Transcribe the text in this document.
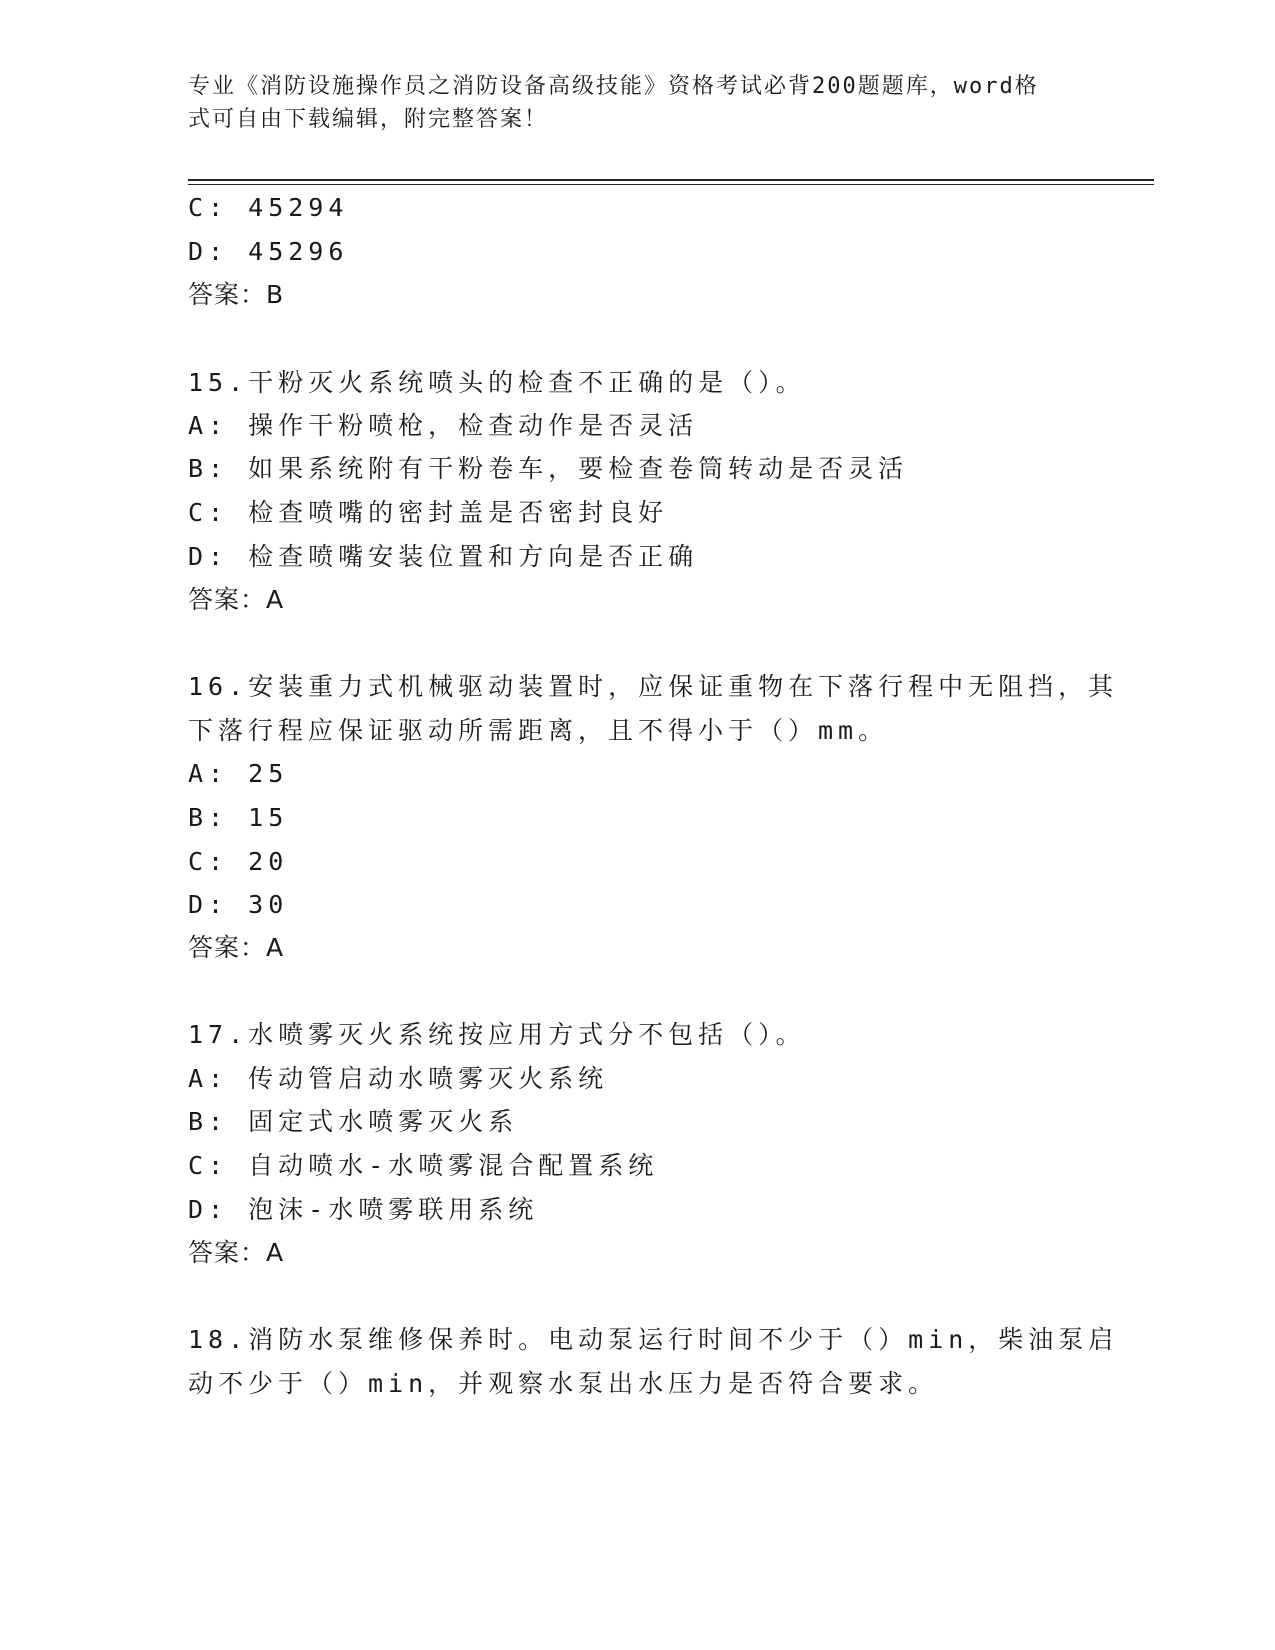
专业《消防设施操作员之消防设备高级技能》资格考试必背200题题库，word格
式可自由下载编辑，附完整答案！
C: 45294
D: 45296
答案：B
15.干粉灭火系统喷头的检查不正确的是（）。
A: 操作干粉喷枪，检查动作是否灵活
B: 如果系统附有干粉卷车，要检查卷筒转动是否灵活
C: 检查喷嘴的密封盖是否密封良好
D: 检查喷嘴安装位置和方向是否正确
答案：A
16.安装重力式机械驱动装置时，应保证重物在下落行程中无阻挡，其
下落行程应保证驱动所需距离，且不得小于（）mm。
A: 25
B: 15
C: 20
D: 30
答案：A
17.水喷雾灭火系统按应用方式分不包括（）。
A: 传动管启动水喷雾灭火系统
B: 固定式水喷雾灭火系
C: 自动喷水-水喷雾混合配置系统
D: 泡沫-水喷雾联用系统
答案：A
18.消防水泵维修保养时。电动泵运行时间不少于（）min，柴油泵启
动不少于（）min，并观察水泵出水压力是否符合要求。
